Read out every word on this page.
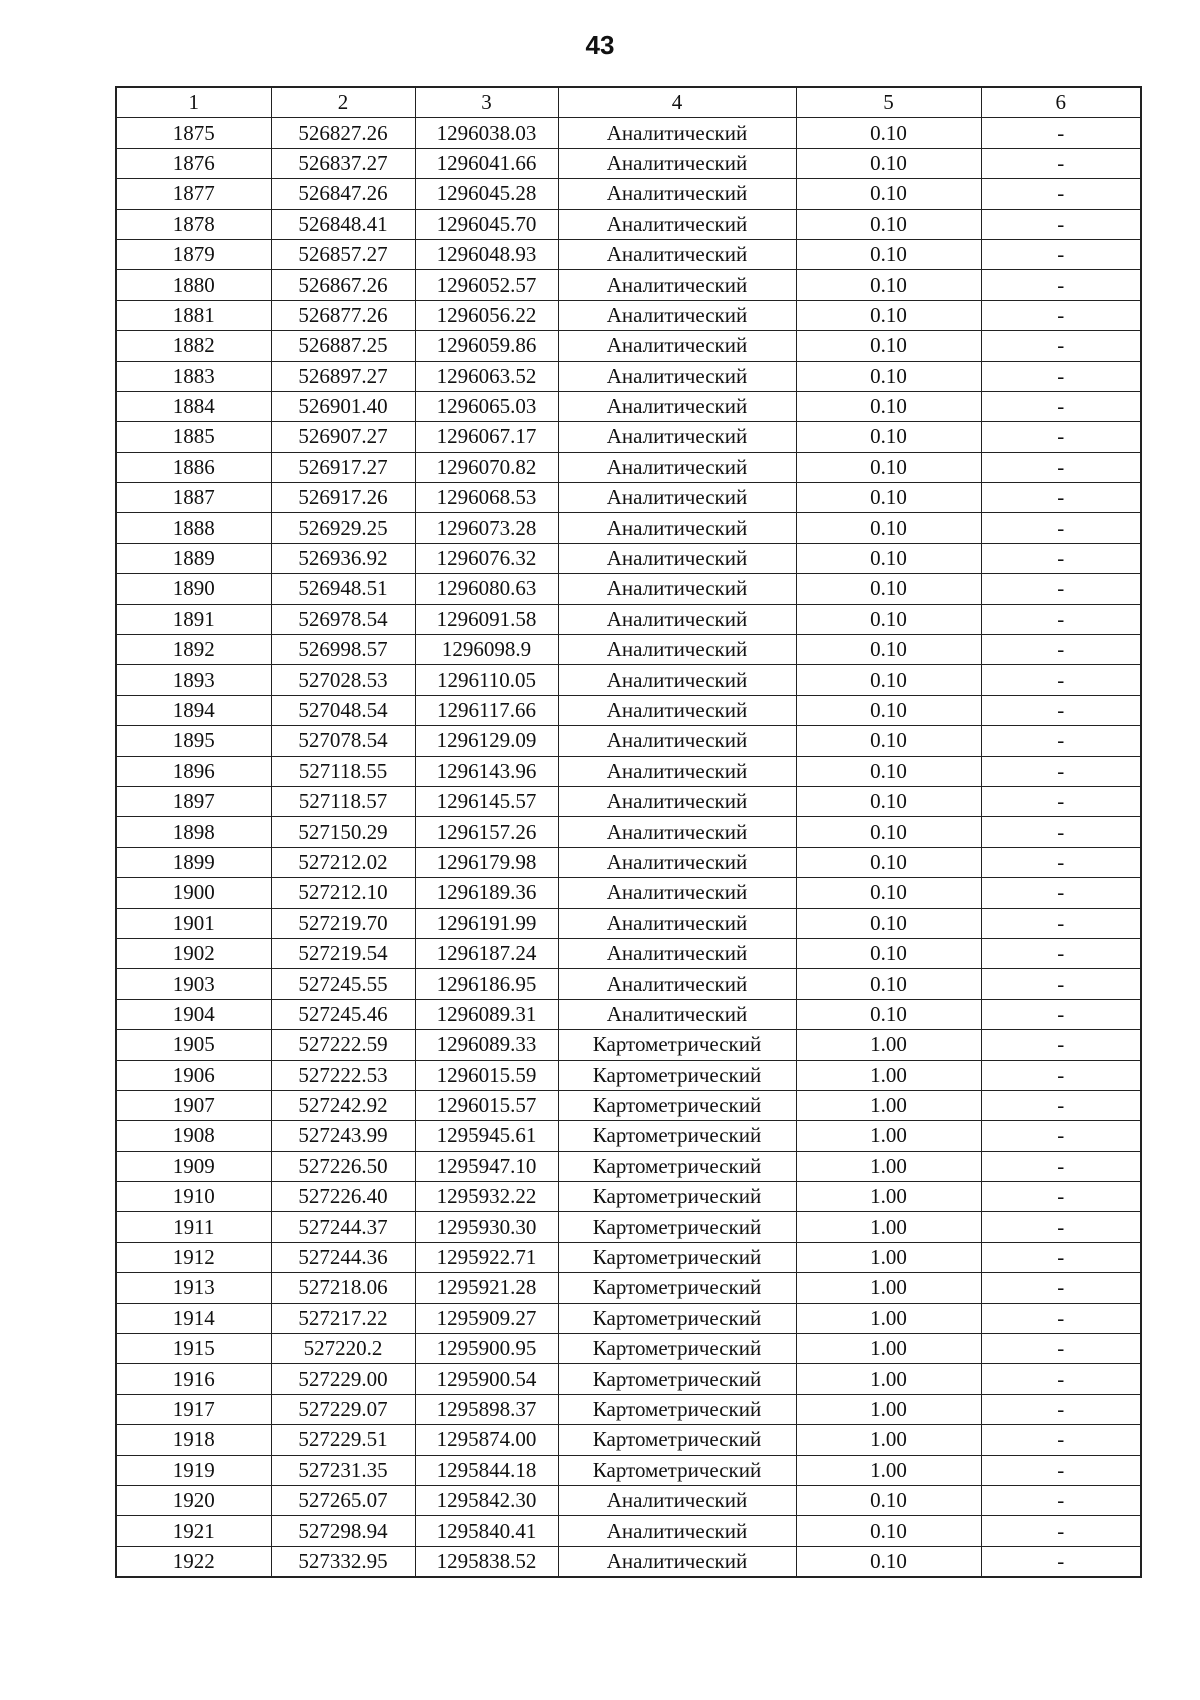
43
1	2	3	4	5	6
1875	526827.26	1296038.03	Аналитический	0.10	-
1876	526837.27	1296041.66	Аналитический	0.10	-
1877	526847.26	1296045.28	Аналитический	0.10	-
1878	526848.41	1296045.70	Аналитический	0.10	-
1879	526857.27	1296048.93	Аналитический	0.10	-
1880	526867.26	1296052.57	Аналитический	0.10	-
1881	526877.26	1296056.22	Аналитический	0.10	-
1882	526887.25	1296059.86	Аналитический	0.10	-
1883	526897.27	1296063.52	Аналитический	0.10	-
1884	526901.40	1296065.03	Аналитический	0.10	-
1885	526907.27	1296067.17	Аналитический	0.10	-
1886	526917.27	1296070.82	Аналитический	0.10	-
1887	526917.26	1296068.53	Аналитический	0.10	-
1888	526929.25	1296073.28	Аналитический	0.10	-
1889	526936.92	1296076.32	Аналитический	0.10	-
1890	526948.51	1296080.63	Аналитический	0.10	-
1891	526978.54	1296091.58	Аналитический	0.10	-
1892	526998.57	1296098.9	Аналитический	0.10	-
1893	527028.53	1296110.05	Аналитический	0.10	-
1894	527048.54	1296117.66	Аналитический	0.10	-
1895	527078.54	1296129.09	Аналитический	0.10	-
1896	527118.55	1296143.96	Аналитический	0.10	-
1897	527118.57	1296145.57	Аналитический	0.10	-
1898	527150.29	1296157.26	Аналитический	0.10	-
1899	527212.02	1296179.98	Аналитический	0.10	-
1900	527212.10	1296189.36	Аналитический	0.10	-
1901	527219.70	1296191.99	Аналитический	0.10	-
1902	527219.54	1296187.24	Аналитический	0.10	-
1903	527245.55	1296186.95	Аналитический	0.10	-
1904	527245.46	1296089.31	Аналитический	0.10	-
1905	527222.59	1296089.33	Картометрический	1.00	-
1906	527222.53	1296015.59	Картометрический	1.00	-
1907	527242.92	1296015.57	Картометрический	1.00	-
1908	527243.99	1295945.61	Картометрический	1.00	-
1909	527226.50	1295947.10	Картометрический	1.00	-
1910	527226.40	1295932.22	Картометрический	1.00	-
1911	527244.37	1295930.30	Картометрический	1.00	-
1912	527244.36	1295922.71	Картометрический	1.00	-
1913	527218.06	1295921.28	Картометрический	1.00	-
1914	527217.22	1295909.27	Картометрический	1.00	-
1915	527220.2	1295900.95	Картометрический	1.00	-
1916	527229.00	1295900.54	Картометрический	1.00	-
1917	527229.07	1295898.37	Картометрический	1.00	-
1918	527229.51	1295874.00	Картометрический	1.00	-
1919	527231.35	1295844.18	Картометрический	1.00	-
1920	527265.07	1295842.30	Аналитический	0.10	-
1921	527298.94	1295840.41	Аналитический	0.10	-
1922	527332.95	1295838.52	Аналитический	0.10	-
